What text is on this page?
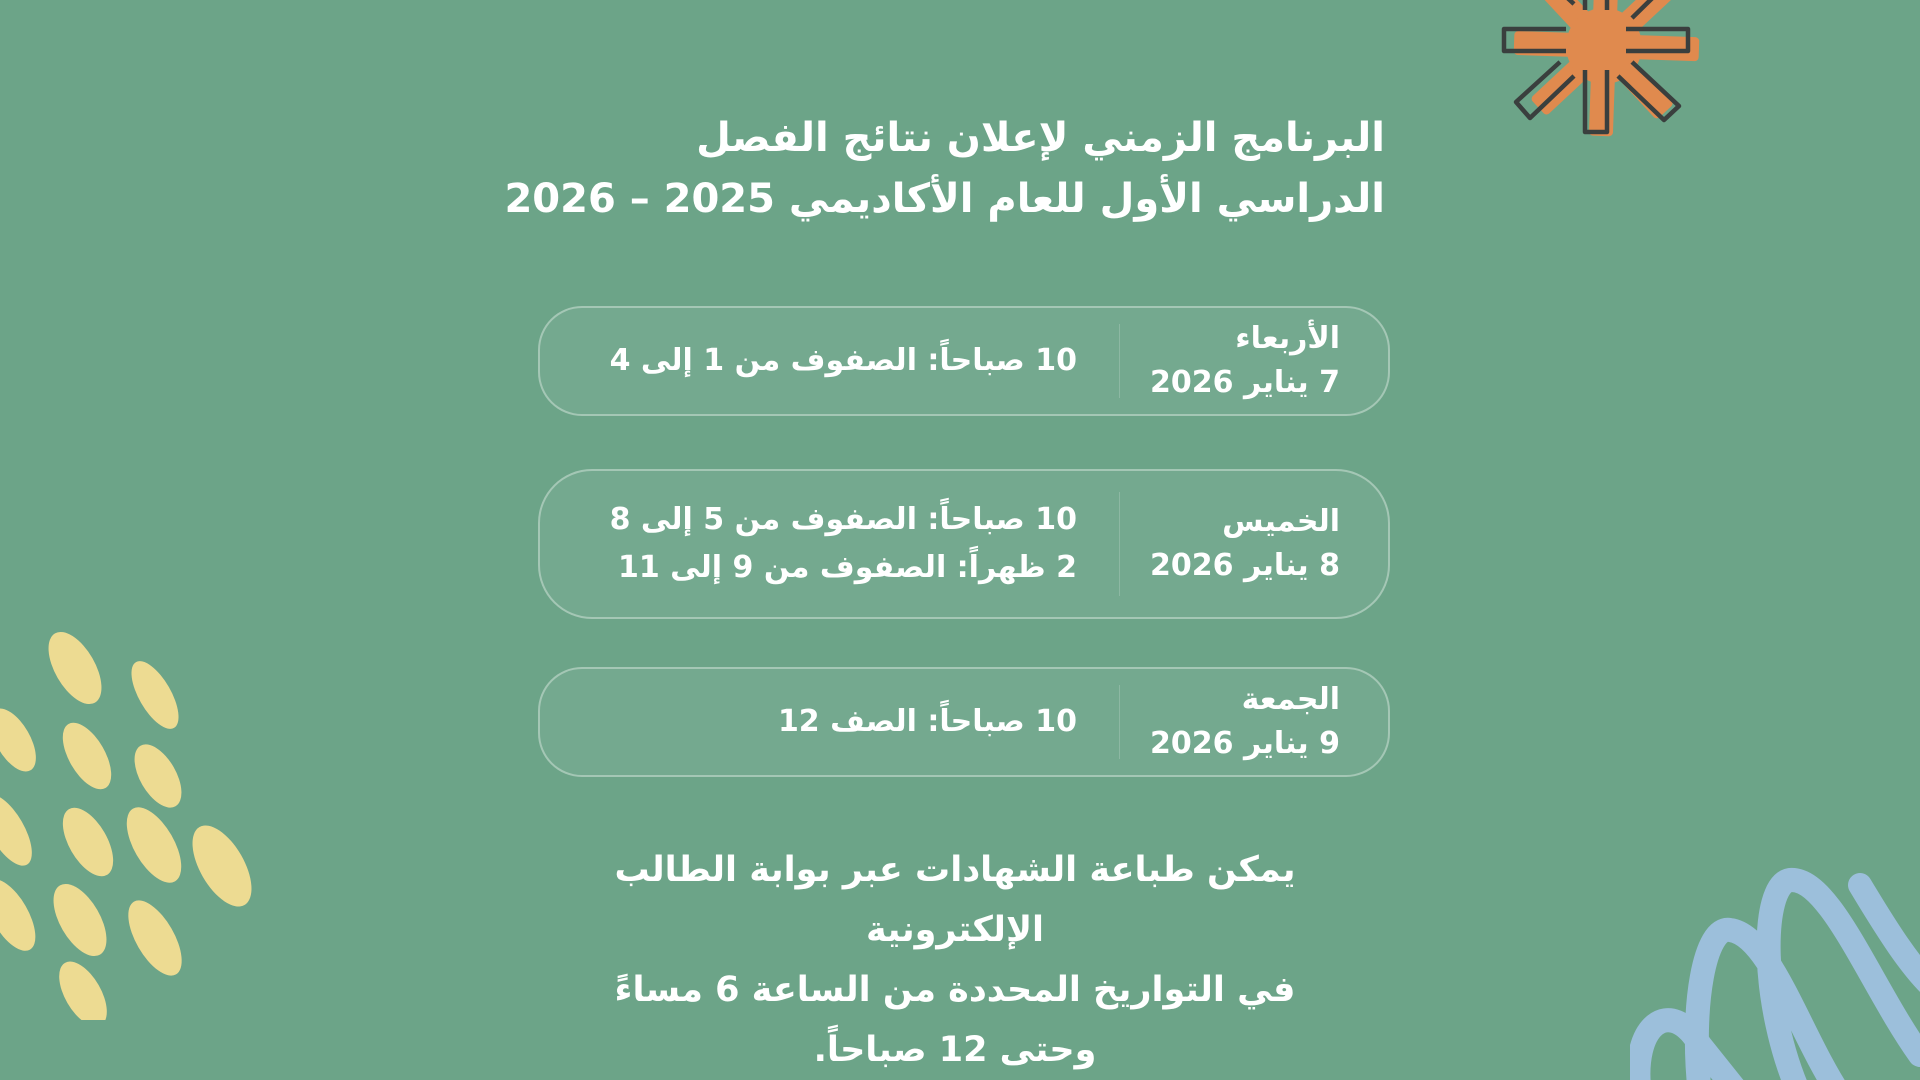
البرنامج الزمني لإعلان نتائج الفصل
الدراسي الأول للعام الأكاديمي 2025 – 2026
الأربعاء
7 يناير 2026
10 صباحاً: الصفوف من 1 إلى 4
الخميس
8 يناير 2026
10 صباحاً: الصفوف من 5 إلى 8
2 ظهراً: الصفوف من 9 إلى 11
الجمعة
9 يناير 2026
10 صباحاً: الصف 12
يمكن طباعة الشهادات عبر بوابة الطالب الإلكترونية
في التواريخ المحددة من الساعة 6 مساءً
وحتى 12 صباحاً.
